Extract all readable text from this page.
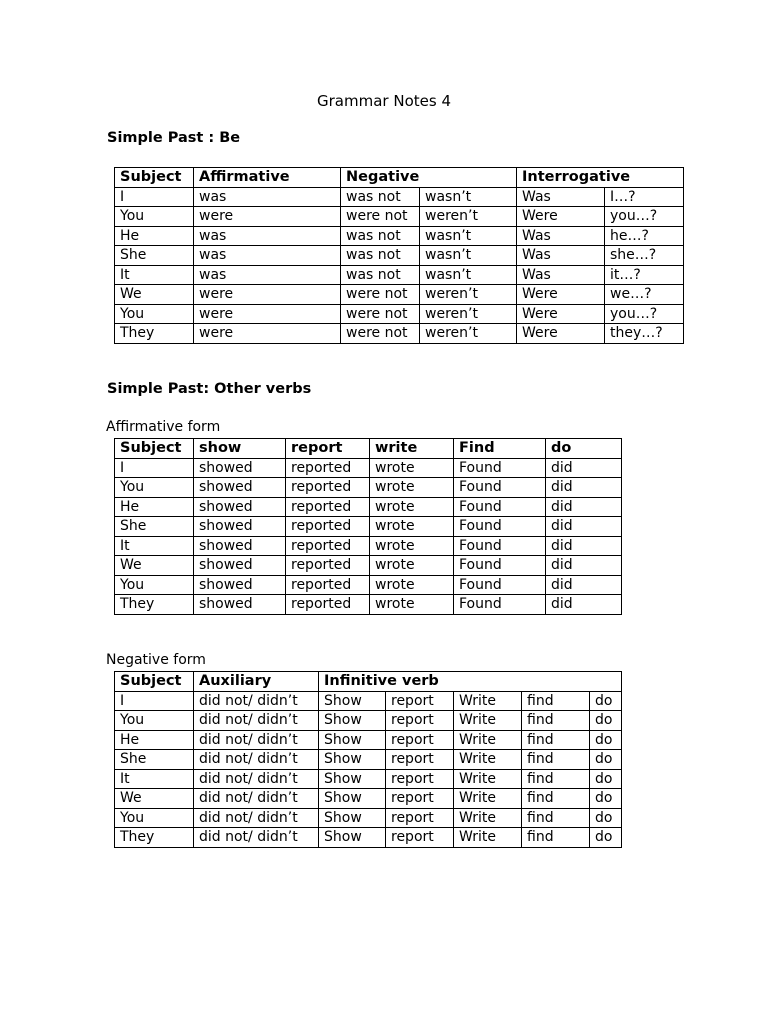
Grammar Notes 4
Simple Past : Be
Subject	Affirmative	Negative		Interrogative	
I	was	was not	wasn’t	Was	I…?
You	were	were not	weren’t	Were	you…?
He	was	was not	wasn’t	Was	he…?
She	was	was not	wasn’t	Was	she…?
It	was	was not	wasn’t	Was	it…?
We	were	were not	weren’t	Were	we…?
You	were	were not	weren’t	Were	you…?
They	were	were not	weren’t	Were	they…?
Simple Past: Other verbs
Affirmative form
Subject	show	report	write	Find	do
I	showed	reported	wrote	Found	did
You	showed	reported	wrote	Found	did
He	showed	reported	wrote	Found	did
She	showed	reported	wrote	Found	did
It	showed	reported	wrote	Found	did
We	showed	reported	wrote	Found	did
You	showed	reported	wrote	Found	did
They	showed	reported	wrote	Found	did
Negative form
Subject	Auxiliary	Infinitive verb				
I	did not/ didn’t	Show	report	Write	find	do
You	did not/ didn’t	Show	report	Write	find	do
He	did not/ didn’t	Show	report	Write	find	do
She	did not/ didn’t	Show	report	Write	find	do
It	did not/ didn’t	Show	report	Write	find	do
We	did not/ didn’t	Show	report	Write	find	do
You	did not/ didn’t	Show	report	Write	find	do
They	did not/ didn’t	Show	report	Write	find	do
